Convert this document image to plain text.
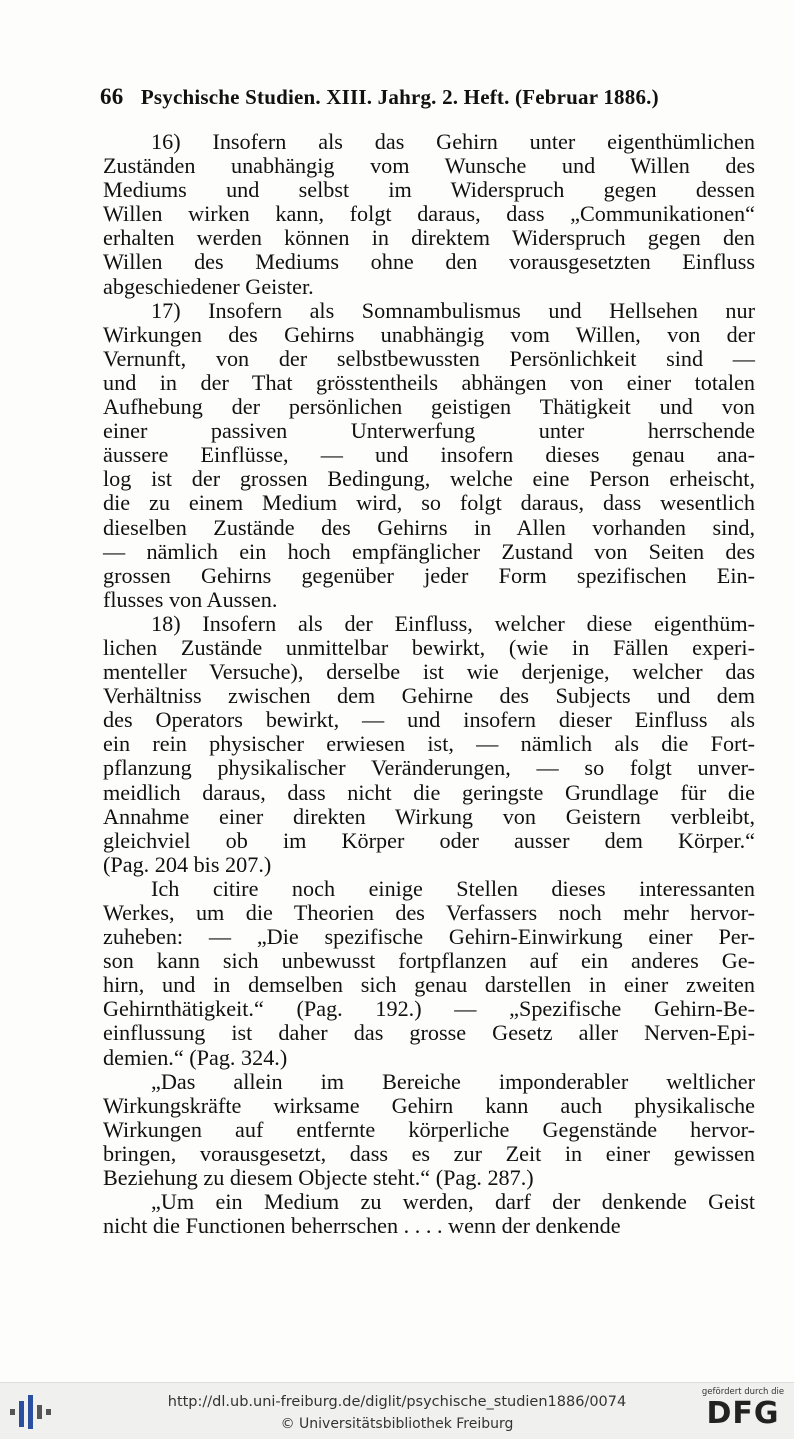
66 Psychische Studien. XIII. Jahrg. 2. Heft. (Februar 1886.)
16) Insofern als das Gehirn unter eigenthümlichen
Zuständen unabhängig vom Wunsche und Willen des
Mediums und selbst im Widerspruch gegen dessen
Willen wirken kann, folgt daraus, dass „Communikationen“
erhalten werden können in direktem Widerspruch gegen den
Willen des Mediums ohne den vorausgesetzten Einfluss
abgeschiedener Geister.
17) Insofern als Somnambulismus und Hellsehen nur
Wirkungen des Gehirns unabhängig vom Willen, von der
Vernunft, von der selbstbewussten Persönlichkeit sind —
und in der That grösstentheils abhängen von einer totalen
Aufhebung der persönlichen geistigen Thätigkeit und von
einer passiven Unterwerfung unter herrschende
äussere Einflüsse, — und insofern dieses genau ana-
log ist der grossen Bedingung, welche eine Person erheischt,
die zu einem Medium wird, so folgt daraus, dass wesentlich
dieselben Zustände des Gehirns in Allen vorhanden sind,
— nämlich ein hoch empfänglicher Zustand von Seiten des
grossen Gehirns gegenüber jeder Form spezifischen Ein-
flusses von Aussen.
18) Insofern als der Einfluss, welcher diese eigenthüm-
lichen Zustände unmittelbar bewirkt, (wie in Fällen experi-
menteller Versuche), derselbe ist wie derjenige, welcher das
Verhältniss zwischen dem Gehirne des Subjects und dem
des Operators bewirkt, — und insofern dieser Einfluss als
ein rein physischer erwiesen ist, — nämlich als die Fort-
pflanzung physikalischer Veränderungen, — so folgt unver-
meidlich daraus, dass nicht die geringste Grundlage für die
Annahme einer direkten Wirkung von Geistern verbleibt,
gleichviel ob im Körper oder ausser dem Körper.“
(Pag. 204 bis 207.)
Ich citire noch einige Stellen dieses interessanten
Werkes, um die Theorien des Verfassers noch mehr hervor-
zuheben: — „Die spezifische Gehirn-Einwirkung einer Per-
son kann sich unbewusst fortpflanzen auf ein anderes Ge-
hirn, und in demselben sich genau darstellen in einer zweiten
Gehirnthätigkeit.“ (Pag. 192.) — „Spezifische Gehirn-Be-
einflussung ist daher das grosse Gesetz aller Nerven-Epi-
demien.“ (Pag. 324.)
„Das allein im Bereiche imponderabler weltlicher
Wirkungskräfte wirksame Gehirn kann auch physikalische
Wirkungen auf entfernte körperliche Gegenstände hervor-
bringen, vorausgesetzt, dass es zur Zeit in einer gewissen
Beziehung zu diesem Objecte steht.“ (Pag. 287.)
„Um ein Medium zu werden, darf der denkende Geist
nicht die Functionen beherrschen . . . . wenn der denkende
http://dl.ub.uni-freiburg.de/diglit/psychische_studien1886/0074
© Universitätsbibliothek Freiburg
gefördert durch die
DFG
